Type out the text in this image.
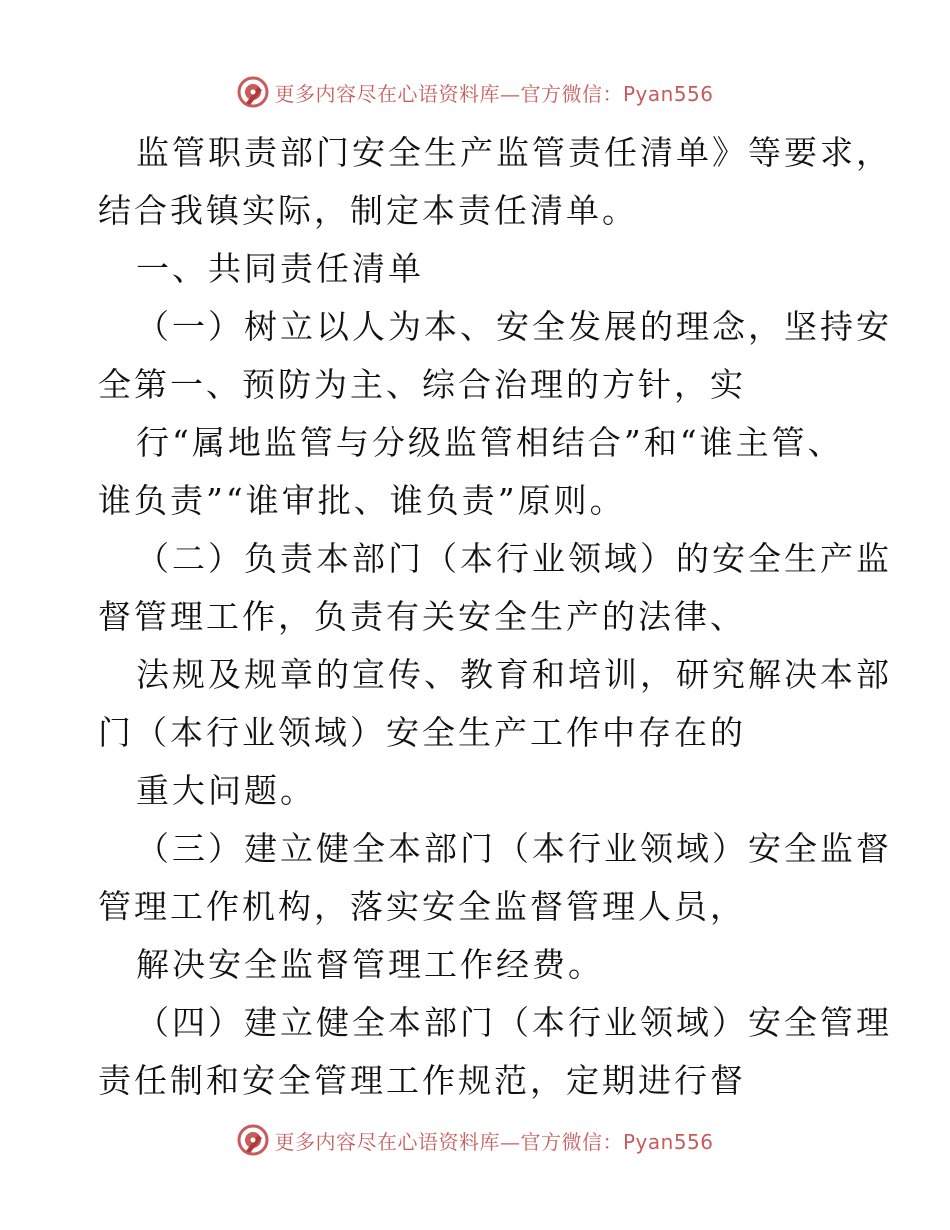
更多内容尽在心语资料库—官方微信：Pyan556
监管职责部门安全生产监管责任清单》等要求，
结合我镇实际，制定本责任清单。
一、共同责任清单
（一）树立以人为本、安全发展的理念，坚持安
全第一、预防为主、综合治理的方针，实
行“属地监管与分级监管相结合”和“谁主管、
谁负责”“谁审批、谁负责”原则。
（二）负责本部门（本行业领域）的安全生产监
督管理工作，负责有关安全生产的法律、
法规及规章的宣传、教育和培训，研究解决本部
门（本行业领域）安全生产工作中存在的
重大问题。
（三）建立健全本部门（本行业领域）安全监督
管理工作机构，落实安全监督管理人员，
解决安全监督管理工作经费。
（四）建立健全本部门（本行业领域）安全管理
责任制和安全管理工作规范，定期进行督
更多内容尽在心语资料库—官方微信：Pyan556
